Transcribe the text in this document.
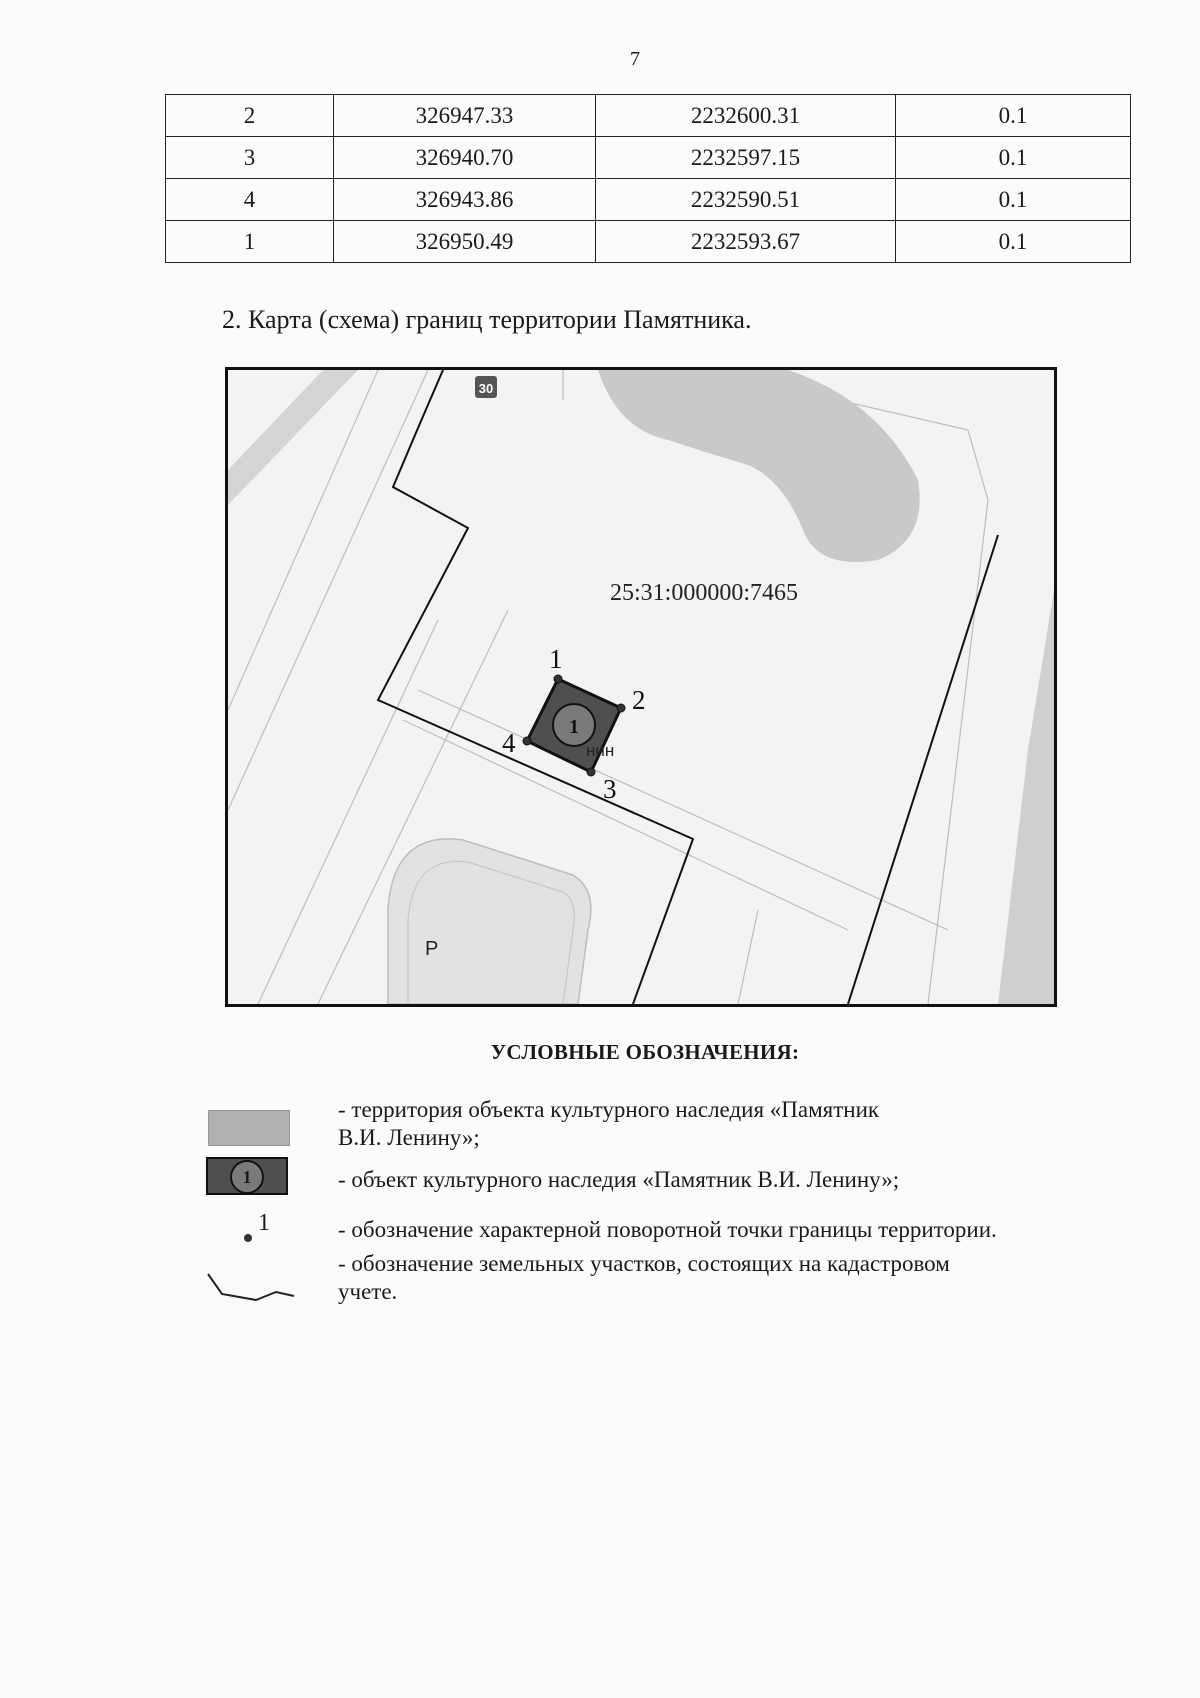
7
2	326947.33	2232600.31	0.1
3	326940.70	2232597.15	0.1
4	326943.86	2232590.51	0.1
1	326950.49	2232593.67	0.1
2. Карта (схема) границ территории Памятника.
30
25:31:000000:7465
1
нин
1
2
3
4
P
УСЛОВНЫЕ ОБОЗНАЧЕНИЯ:
- территория объекта культурного наследия «Памятник
В.И. Ленину»;
1	- объект культурного наследия «Памятник В.И. Ленину»;
1	- обозначение характерной поворотной точки границы территории.
- обозначение земельных участков, состоящих на кадастровом
учете.
